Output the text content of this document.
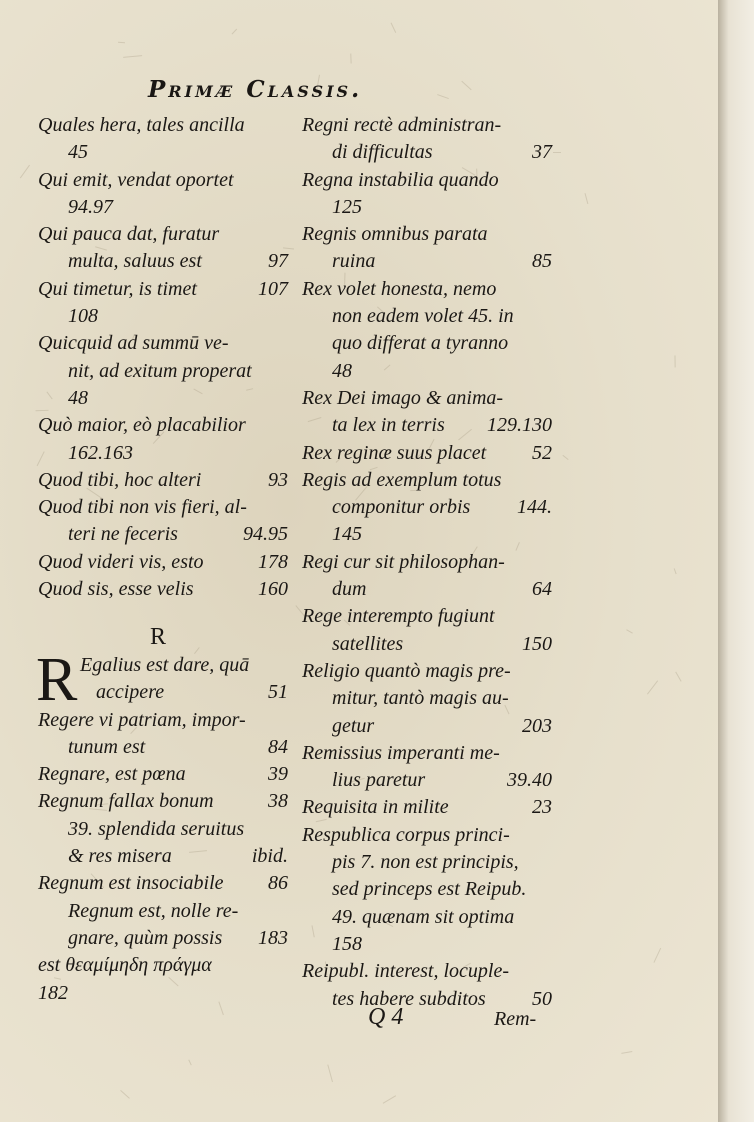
Primæ Classis.
Quales hera, tales ancilla
45
Qui emit, vendat oportet
94.97
Qui pauca dat, furatur
multa, saluus est	97
Qui timetur, is timet	107
108
Quicquid ad summū ve-
nit, ad exitum properat
48
Quò maior, eò placabilior
162.163
Quod tibi, hoc alteri	93
Quod tibi non vis fieri, al-
teri ne feceris	94.95
Quod videri vis, esto	178
Quod sis, esse velis	160
R
R Egalius est dare, quā
accipere	51
Regere vi patriam, impor-
tunum est	84
Regnare, est pœna	39
Regnum fallax bonum	38
39. splendida seruitus
& res misera	ibid.
Regnum est insociabile 86
Regnum est, nolle re-
gnare, quùm possis 183
est θεαμίμηδη πράγμα
182
Regni rectè administran-
di difficultas	37
Regna instabilia quando
125
Regnis omnibus parata
ruina	85
Rex volet honesta, nemo
non eadem volet 45. in
quo differat a tyranno
48
Rex Dei imago & anima-
ta lex in terris 129.130
Rex reginæ suus placet 52
Regis ad exemplum totus
componitur orbis 144.
145
Regi cur sit philosophan-
dum	64
Rege interempto fugiunt
satellites	150
Religio quantò magis pre-
mitur, tantò magis au-
getur	203
Remissius imperanti me-
lius paretur	39.40
Requisita in milite	23
Respublica corpus princi-
pis 7. non est principis,
sed princeps est Reipub.
49. quænam sit optima
158
Reipubl. interest, locuple-
tes habere subditos 50
Q 4	Rem-
